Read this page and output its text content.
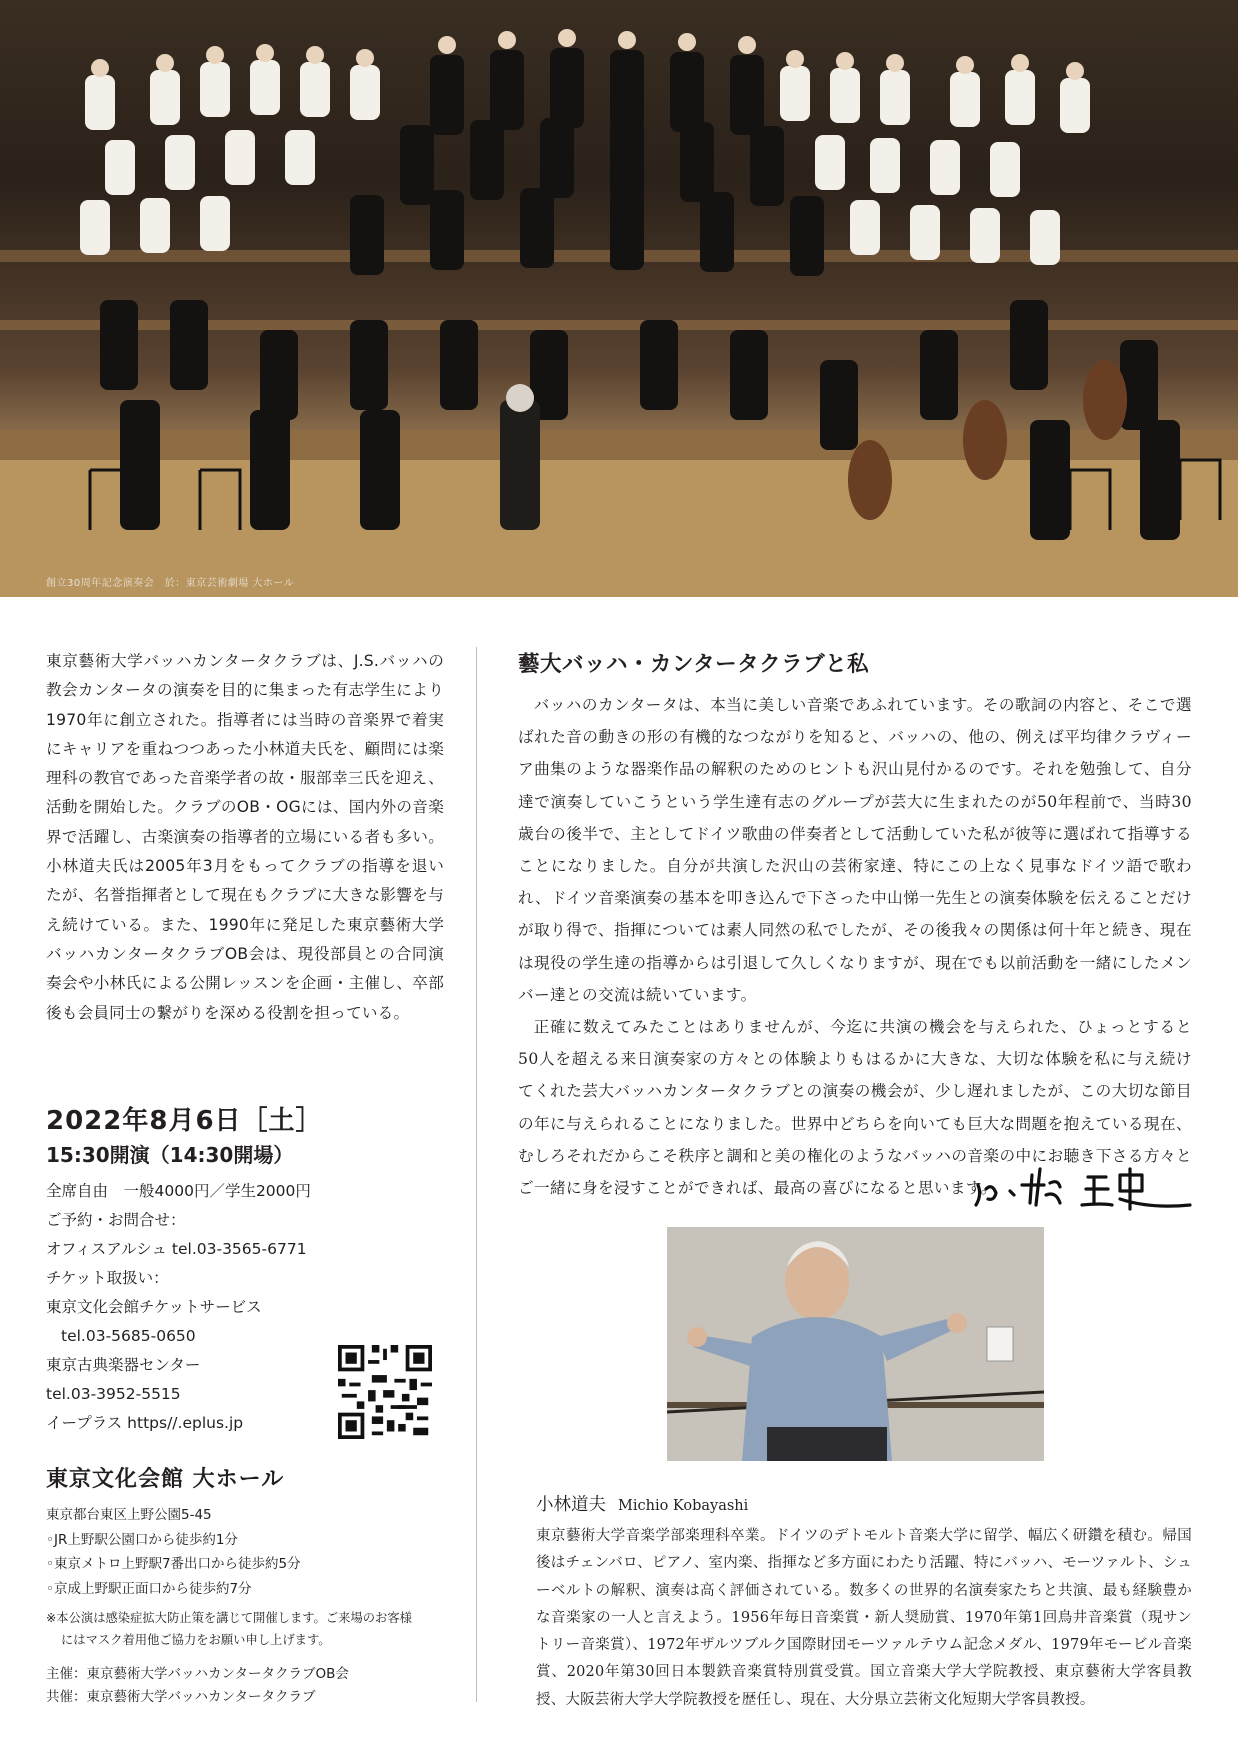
創立30周年記念演奏会　於：東京芸術劇場 大ホール
東京藝術大学バッハカンタータクラブは、J.S.バッハの教会カンタータの演奏を目的に集まった有志学生により1970年に創立された。指導者には当時の音楽界で着実にキャリアを重ねつつあった小林道夫氏を、顧問には楽理科の教官であった音楽学者の故・服部幸三氏を迎え、活動を開始した。クラブのOB・OGには、国内外の音楽界で活躍し、古楽演奏の指導者的立場にいる者も多い。小林道夫氏は2005年3月をもってクラブの指導を退いたが、名誉指揮者として現在もクラブに大きな影響を与え続けている。また、1990年に発足した東京藝術大学バッハカンタータクラブOB会は、現役部員との合同演奏会や小林氏による公開レッスンを企画・主催し、卒部後も会員同士の繋がりを深める役割を担っている。
2022年8月6日［土］
15:30開演（14:30開場）
全席自由　一般4000円／学生2000円
ご予約・お問合せ：
オフィスアルシュ tel.03-3565-6771
チケット取扱い：
東京文化会館チケットサービス
tel.03-5685-0650
東京古典楽器センター
tel.03-3952-5515
イープラス https//.eplus.jp
東京文化会館 大ホール
東京都台東区上野公園5-45
◦JR上野駅公園口から徒歩約1分
◦東京メトロ上野駅7番出口から徒歩約5分
◦京成上野駅正面口から徒歩約7分
※本公演は感染症拡大防止策を講じて開催します。ご来場のお客様
にはマスク着用他ご協力をお願い申し上げます。
主催：東京藝術大学バッハカンタータクラブOB会
共催：東京藝術大学バッハカンタータクラブ
藝大バッハ・カンタータクラブと私

バッハのカンタータは、本当に美しい音楽であふれています。その歌詞の内容と、そこで選ばれた音の動きの形の有機的なつながりを知ると、バッハの、他の、例えば平均律クラヴィーア曲集のような器楽作品の解釈のためのヒントも沢山見付かるのです。それを勉強して、自分達で演奏していこうという学生達有志のグループが芸大に生まれたのが50年程前で、当時30歳台の後半で、主としてドイツ歌曲の伴奏者として活動していた私が彼等に選ばれて指導することになりました。自分が共演した沢山の芸術家達、特にこの上なく見事なドイツ語で歌われ、ドイツ音楽演奏の基本を叩き込んで下さった中山悌一先生との演奏体験を伝えることだけが取り得で、指揮については素人同然の私でしたが、その後我々の関係は何十年と続き、現在は現役の学生達の指導からは引退して久しくなりますが、現在でも以前活動を一緒にしたメンバー達との交流は続いています。

正確に数えてみたことはありませんが、今迄に共演の機会を与えられた、ひょっとすると50人を超える来日演奏家の方々との体験よりもはるかに大きな、大切な体験を私に与え続けてくれた芸大バッハカンタータクラブとの演奏の機会が、少し遅れましたが、この大切な節目の年に与えられることになりました。世界中どちらを向いても巨大な問題を抱えている現在、むしろそれだからこそ秩序と調和と美の権化のようなバッハの音楽の中にお聴き下さる方々とご一緒に身を浸すことができれば、最高の喜びになると思います。

小林道夫 Michio Kobayashi
東京藝術大学音楽学部楽理科卒業。ドイツのデトモルト音楽大学に留学、幅広く研鑽を積む。帰国後はチェンバロ、ピアノ、室内楽、指揮など多方面にわたり活躍、特にバッハ、モーツァルト、シューベルトの解釈、演奏は高く評価されている。数多くの世界的名演奏家たちと共演、最も経験豊かな音楽家の一人と言えよう。1956年毎日音楽賞・新人奨励賞、1970年第1回鳥井音楽賞（現サントリー音楽賞）、1972年ザルツブルク国際財団モーツァルテウム記念メダル、1979年モービル音楽賞、2020年第30回日本製鉄音楽賞特別賞受賞。国立音楽大学大学院教授、東京藝術大学客員教授、大阪芸術大学大学院教授を歴任し、現在、大分県立芸術文化短期大学客員教授。
